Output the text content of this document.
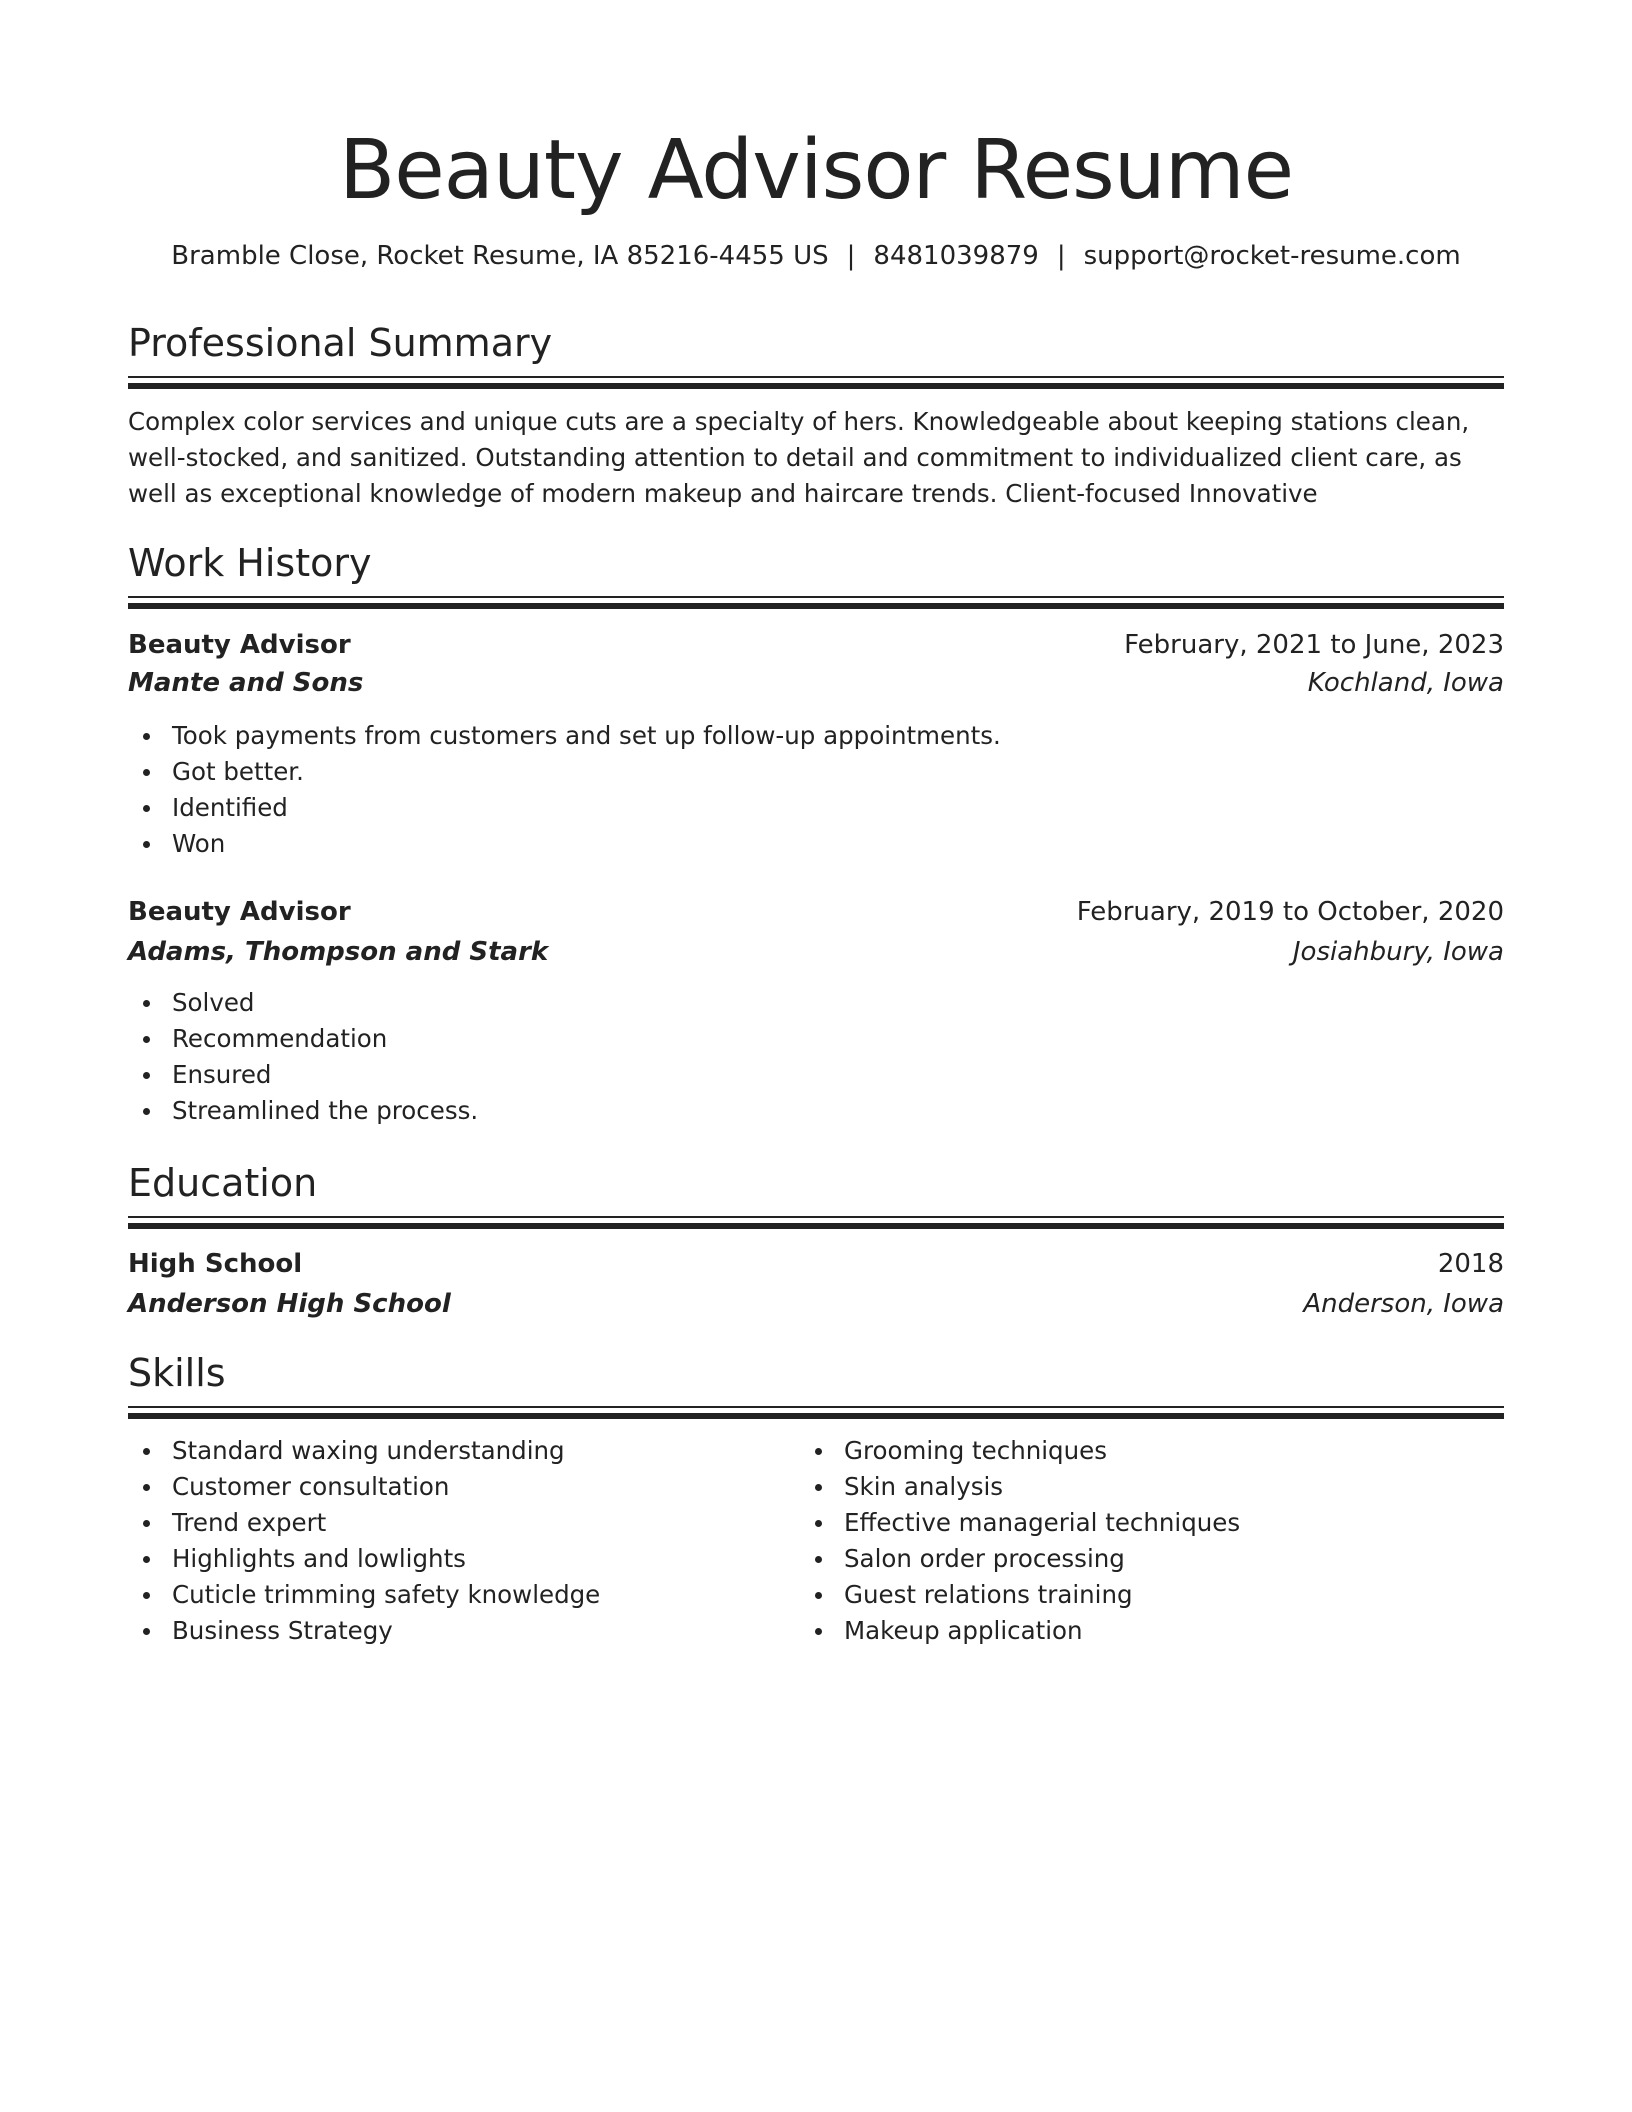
Beauty Advisor Resume
Bramble Close, Rocket Resume, IA 85216-4455 US | 8481039879 | support@rocket-resume.com
Professional Summary
Complex color services and unique cuts are a specialty of hers. Knowledgeable about keeping stations clean, well-stocked, and sanitized. Outstanding attention to detail and commitment to individualized client care, as well as exceptional knowledge of modern makeup and haircare trends. Client-focused Innovative
Work History
Beauty Advisor	February, 2021 to June, 2023
Mante and Sons	Kochland, Iowa
Took payments from customers and set up follow-up appointments.
Got better.
Identified
Won
Beauty Advisor	February, 2019 to October, 2020
Adams, Thompson and Stark	Josiahbury, Iowa
Solved
Recommendation
Ensured
Streamlined the process.
Education
High School	2018
Anderson High School	Anderson, Iowa
Skills
Standard waxing understanding
Customer consultation
Trend expert
Highlights and lowlights
Cuticle trimming safety knowledge
Business Strategy
Grooming techniques
Skin analysis
Effective managerial techniques
Salon order processing
Guest relations training
Makeup application
